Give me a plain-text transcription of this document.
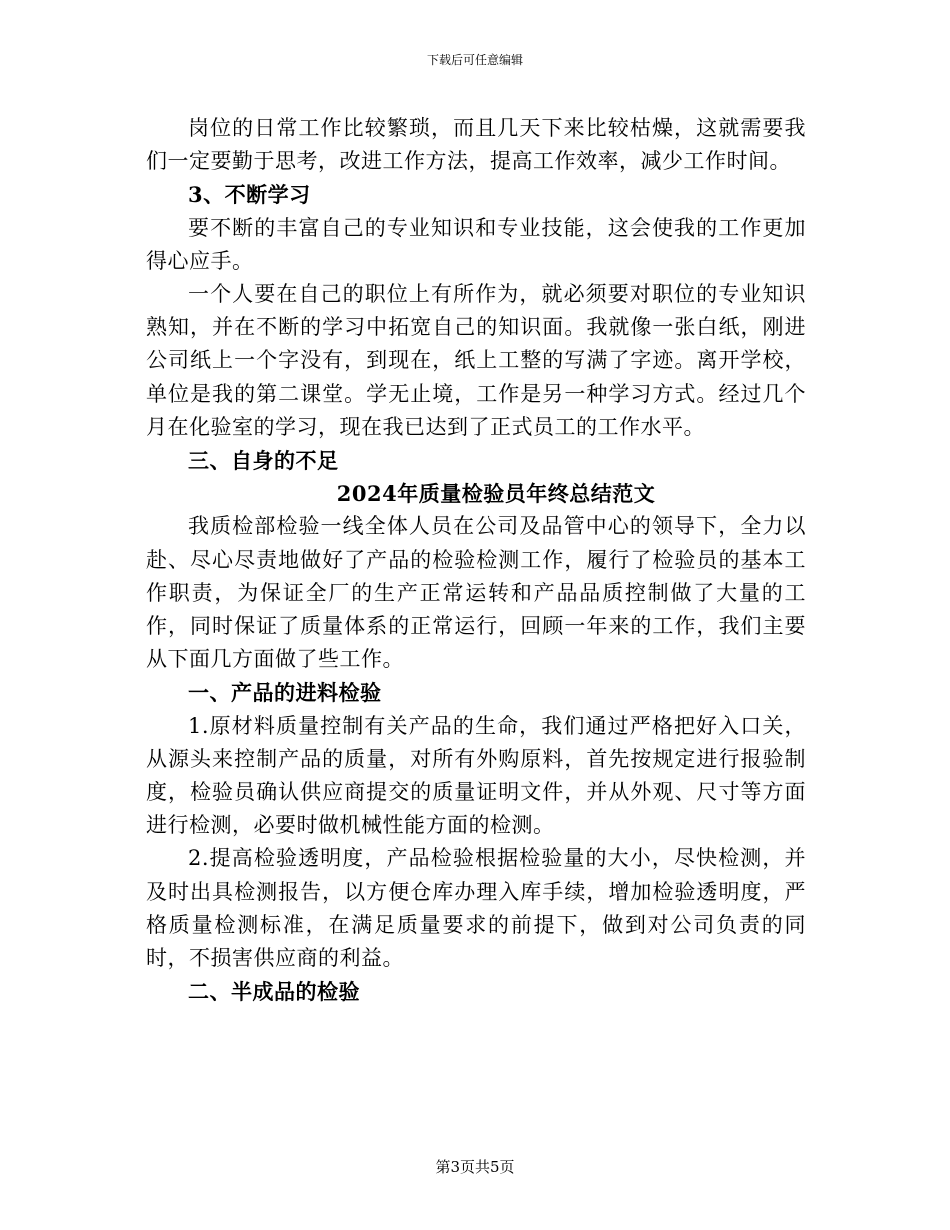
下载后可任意编辑

岗位的日常工作比较繁琐，而且几天下来比较枯燥，这就需要我们一定要勤于思考，改进工作方法，提高工作效率，减少工作时间。

3、不断学习

要不断的丰富自己的专业知识和专业技能，这会使我的工作更加得心应手。

一个人要在自己的职位上有所作为，就必须要对职位的专业知识熟知，并在不断的学习中拓宽自己的知识面。我就像一张白纸，刚进公司纸上一个字没有，到现在，纸上工整的写满了字迹。离开学校，单位是我的第二课堂。学无止境，工作是另一种学习方式。经过几个月在化验室的学习，现在我已达到了正式员工的工作水平。

三、自身的不足

2024年质量检验员年终总结范文

我质检部检验一线全体人员在公司及品管中心的领导下，全力以赴、尽心尽责地做好了产品的检验检测工作，履行了检验员的基本工作职责，为保证全厂的生产正常运转和产品品质控制做了大量的工作，同时保证了质量体系的正常运行，回顾一年来的工作，我们主要从下面几方面做了些工作。

一、产品的进料检验

1.原材料质量控制有关产品的生命，我们通过严格把好入口关，从源头来控制产品的质量，对所有外购原料，首先按规定进行报验制度，检验员确认供应商提交的质量证明文件，并从外观、尺寸等方面进行检测，必要时做机械性能方面的检测。

2.提高检验透明度，产品检验根据检验量的大小，尽快检测，并及时出具检测报告，以方便仓库办理入库手续，增加检验透明度，严格质量检测标准，在满足质量要求的前提下，做到对公司负责的同时，不损害供应商的利益。

二、半成品的检验

第3页共5页
